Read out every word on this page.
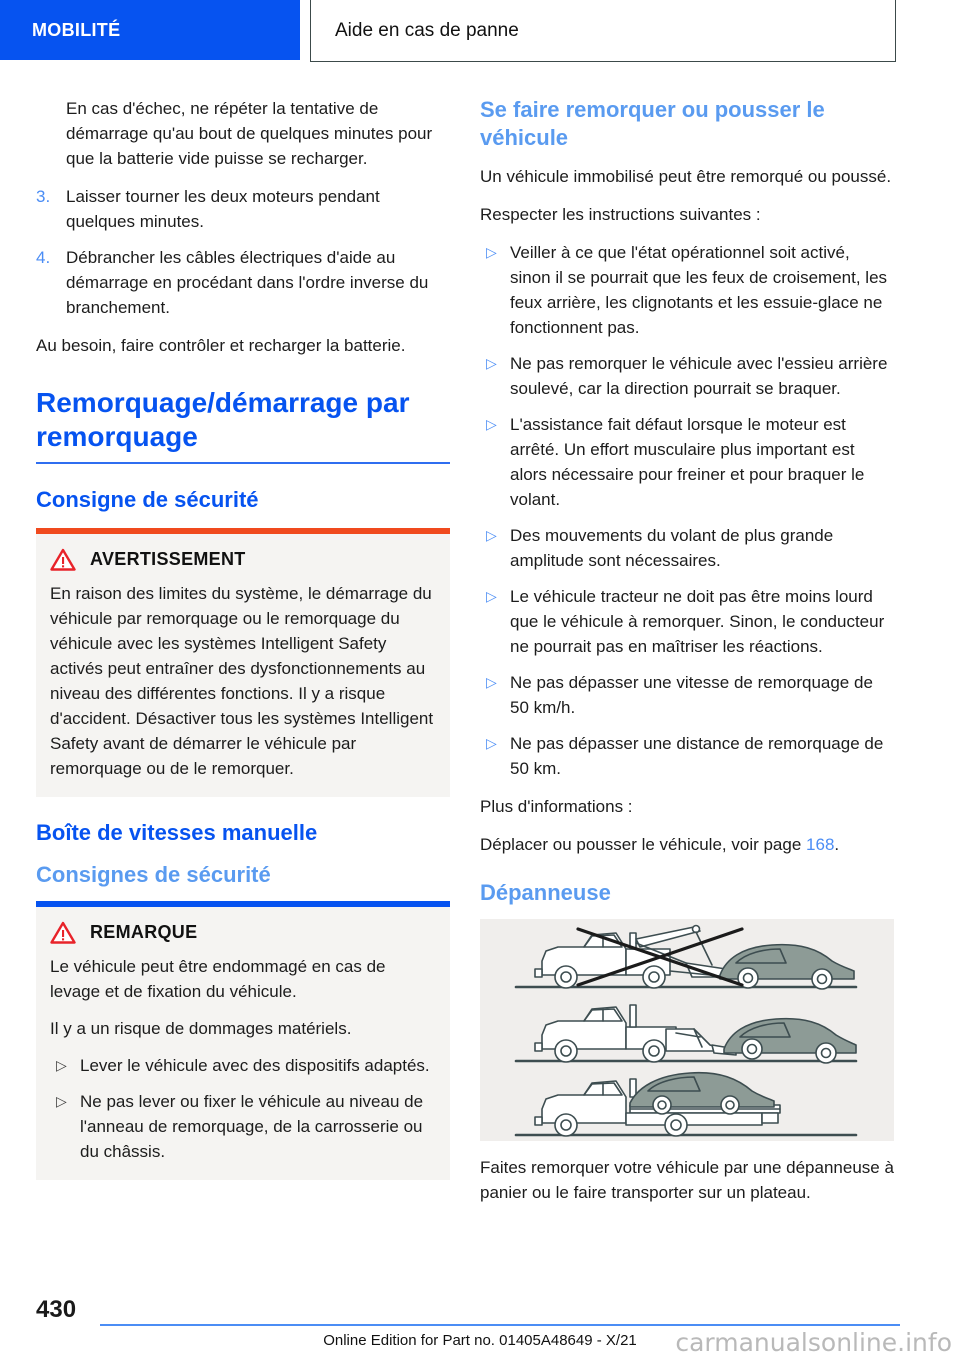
MOBILITÉ	Aide en cas de panne

En cas d'échec, ne répéter la tentative de démarrage qu'au bout de quelques minutes pour que la batterie vide puisse se recharger.

3. Laisser tourner les deux moteurs pendant quelques minutes.
4. Débrancher les câbles électriques d'aide au démarrage en procédant dans l'ordre inverse du branchement.

Au besoin, faire contrôler et recharger la batterie.

Remorquage/démarrage par remorquage
Consigne de sécurité
AVERTISSEMENT

En raison des limites du système, le démarrage du véhicule par remorquage ou le remorquage du véhicule avec les systèmes Intelligent Safety activés peut entraîner des dysfonctionnements au niveau des différentes fonctions. Il y a risque d'accident. Désactiver tous les systèmes Intelligent Safety avant de démarrer le véhicule par remorquage ou de le remorquer.

Boîte de vitesses manuelle
Consignes de sécurité
REMARQUE

Le véhicule peut être endommagé en cas de levage et de fixation du véhicule.

Il y a un risque de dommages matériels.

▷ Lever le véhicule avec des dispositifs adaptés.
▷ Ne pas lever ou fixer le véhicule au niveau de l'anneau de remorquage, de la carrosserie ou du châssis.
Se faire remorquer ou pousser le véhicule

Un véhicule immobilisé peut être remorqué ou poussé.

Respecter les instructions suivantes :

▷ Veiller à ce que l'état opérationnel soit activé, sinon il se pourrait que les feux de croisement, les feux arrière, les clignotants et les essuie-glace ne fonctionnent pas.
▷ Ne pas remorquer le véhicule avec l'essieu arrière soulevé, car la direction pourrait se braquer.
▷ L'assistance fait défaut lorsque le moteur est arrêté. Un effort musculaire plus important est alors nécessaire pour freiner et pour braquer le volant.
▷ Des mouvements du volant de plus grande amplitude sont nécessaires.
▷ Le véhicule tracteur ne doit pas être moins lourd que le véhicule à remorquer. Sinon, le conducteur ne pourrait pas en maîtriser les réactions.
▷ Ne pas dépasser une vitesse de remorquage de 50 km/h.
▷ Ne pas dépasser une distance de remorquage de 50 km.

Plus d'informations :

Déplacer ou pousser le véhicule, voir page 168.

Dépanneuse

Faites remorquer votre véhicule par une dépanneuse à panier ou le faire transporter sur un plateau.

430
Online Edition for Part no. 01405A48649 - X/21	carmanualsonline.info
